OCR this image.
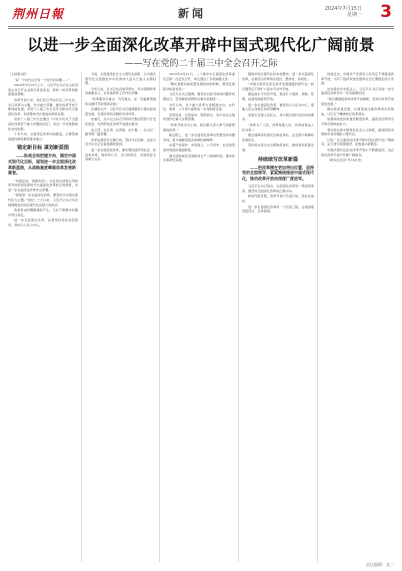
荆州日報	新闻	2024年7月15日
星期一 3
以进一步全面深化改革开辟中国式现代化广阔前景
——写在党的二十届三中全会召开之际

（上接第1版）

“每一个时代总会有一个时代的问题……”

2024年5月23日上午，习近平总书记在山东济南主持召开企业和专家座谈会，新的一轮改革的脉络更加清晰。

改革开放以来，我们党召开的历次三中全会，多以改革为主题，作出重大部署，推动改革开放不断向前发展。党的十八届三中全会开启新时代全面深化改革、系统整体设计推进改革新征程。

党的十八届三中全会通过《中共中央关于全面深化改革若干重大问题的决定》，是这一历史进程的标志性成果。

十多年来，全面深化改革持续推进，主要领域基础性制度框架基本建立。

锚定新目标 谋划新蓝图
——纵观全局把握方向，锚定中国式现代化目标，谋划进一步全面深化改革新蓝图，从战略高度擘画改革发展新画卷。

“举旗定向，谋篇布局”。全会将总结和运用改革开放特别是新时代全面深化改革的宝贵经验，对进一步全面深化改革作出部署。

“谋划进一步全面深化改革，要坚持以中国式现代化为主题。”党的二十大以来，习近平总书记多次强调推进中国式现代化是最大的政治。

改革是由问题倒逼而产生，又在不断解决问题中得以深化。

进一步全面深化改革，必须坚持党的全面领导，坚持以人民为中心。

当前，全面建设社会主义现代化国家、以中国式现代化全面推进中华民族伟大复兴已进入关键时期。

今年以来，总书记在各地考察中，多次强调改革的重要意义，对各地改革工作作出部署。

“改革要突出重点、攻克难点，在一些重要领域和关键环节取得新突破。”

在湖南长沙，习近平总书记强调要着力推动高质量发展，发挥改革的突破和先导作用。

在重庆，总书记主持召开新时代推动西部大开发座谈会，对西部地区改革开放提出要求。

在江西、在甘肃、在青海、在宁夏……总书记一路考察一路部署。

改革必须坚持正确方向，坚持守正创新，这是习近平总书记反复强调的原则。

进一步全面深化改革，要处理好经济和社会、政府和市场、效率和公平、活力和秩序、发展和安全等重大关系。

2023年4月21日，二十届中央全面深化改革委员会第一次会议召开，审议通过了多项重要文件。

“要完善推动高质量发展的体制机制，塑造发展新动能新优势。”

习近平总书记强调，要坚持目标导向和问题导向相结合，坚持解放思想和实事求是相统一。

今年以来，多个重大改革方案相继出台，在科技、教育、人才等方面形成一系列制度安排。

因势而谋、应势而动、顺势而为，党中央在关键时刻作出重大决策部署。

“改革开放永无止境，我们要以更大勇气和智慧推进改革。”

新征程上，进一步全面深化改革仍然要坚持问题导向，着力破解深层次体制机制障碍。

完善产权保护、市场准入、公平竞争、社会信用等市场经济基础制度。

健全因地制宜发展新质生产力体制机制，推动技术革命性突破。

围绕中国式现代化的本质要求，进一步全面深化改革，必须突出改革的系统性、整体性、协同性。

“中国式现代化是走和平发展道路的现代化。”我们要坚定不移扩大高水平对外开放。

推进高水平对外开放，稳步扩大规则、规制、管理、标准等制度型开放。

进一步全面深化改革，要坚持以人民为中心，尊重人民主体地位和首创精神。

发展全过程人民民主，是中国式现代化的本质要求。

“改革为了人民，改革依靠人民，改革成果由人民共享。”

健全保障和改善民生制度体系，在发展中保障和改善民生。

坚持和完善生态文明制度体系，推动绿色低碳发展。

持续续写改革新篇
——把改革摆在更加突出位置，坚持党的全面领导，紧紧围绕推进中国式现代化，推动改革开放向深度广度进军。

习近平总书记指出，全面深化改革是一场深刻革命，要坚持全面深化改革的正确方向。

新时代新征程，改革开放只有进行时，没有完成时。

进一步全面深化改革是一个系统工程，必须加强顶层设计、总体谋划。

回首过去，中国共产党领导人民坚定不移推进改革开放，书写了经济快速发展和社会长期稳定两大奇迹。

站在新的历史起点上，习近平总书记对进一步全面深化改革作出一系列重要论述。

“我们要继续高举改革开放旗帜，坚持以改革开放促进发展。”

推动高质量发展，必须更加注重改革的系统集成，以钉钉子精神抓好改革落实。

加强和改进党的建设制度改革，提高党的领导水平和长期执政能力。

坚持和完善中国特色社会主义制度，推进国家治理体系和治理能力现代化。

以进一步全面深化改革开辟中国式现代化广阔前景，奋力谱写强国建设、民族复兴新篇章。

中国式现代化是在改革开放中不断推进的，也必将在改革开放中开辟广阔前景。

（新华社北京7月14日电）

责任编辑：张三
